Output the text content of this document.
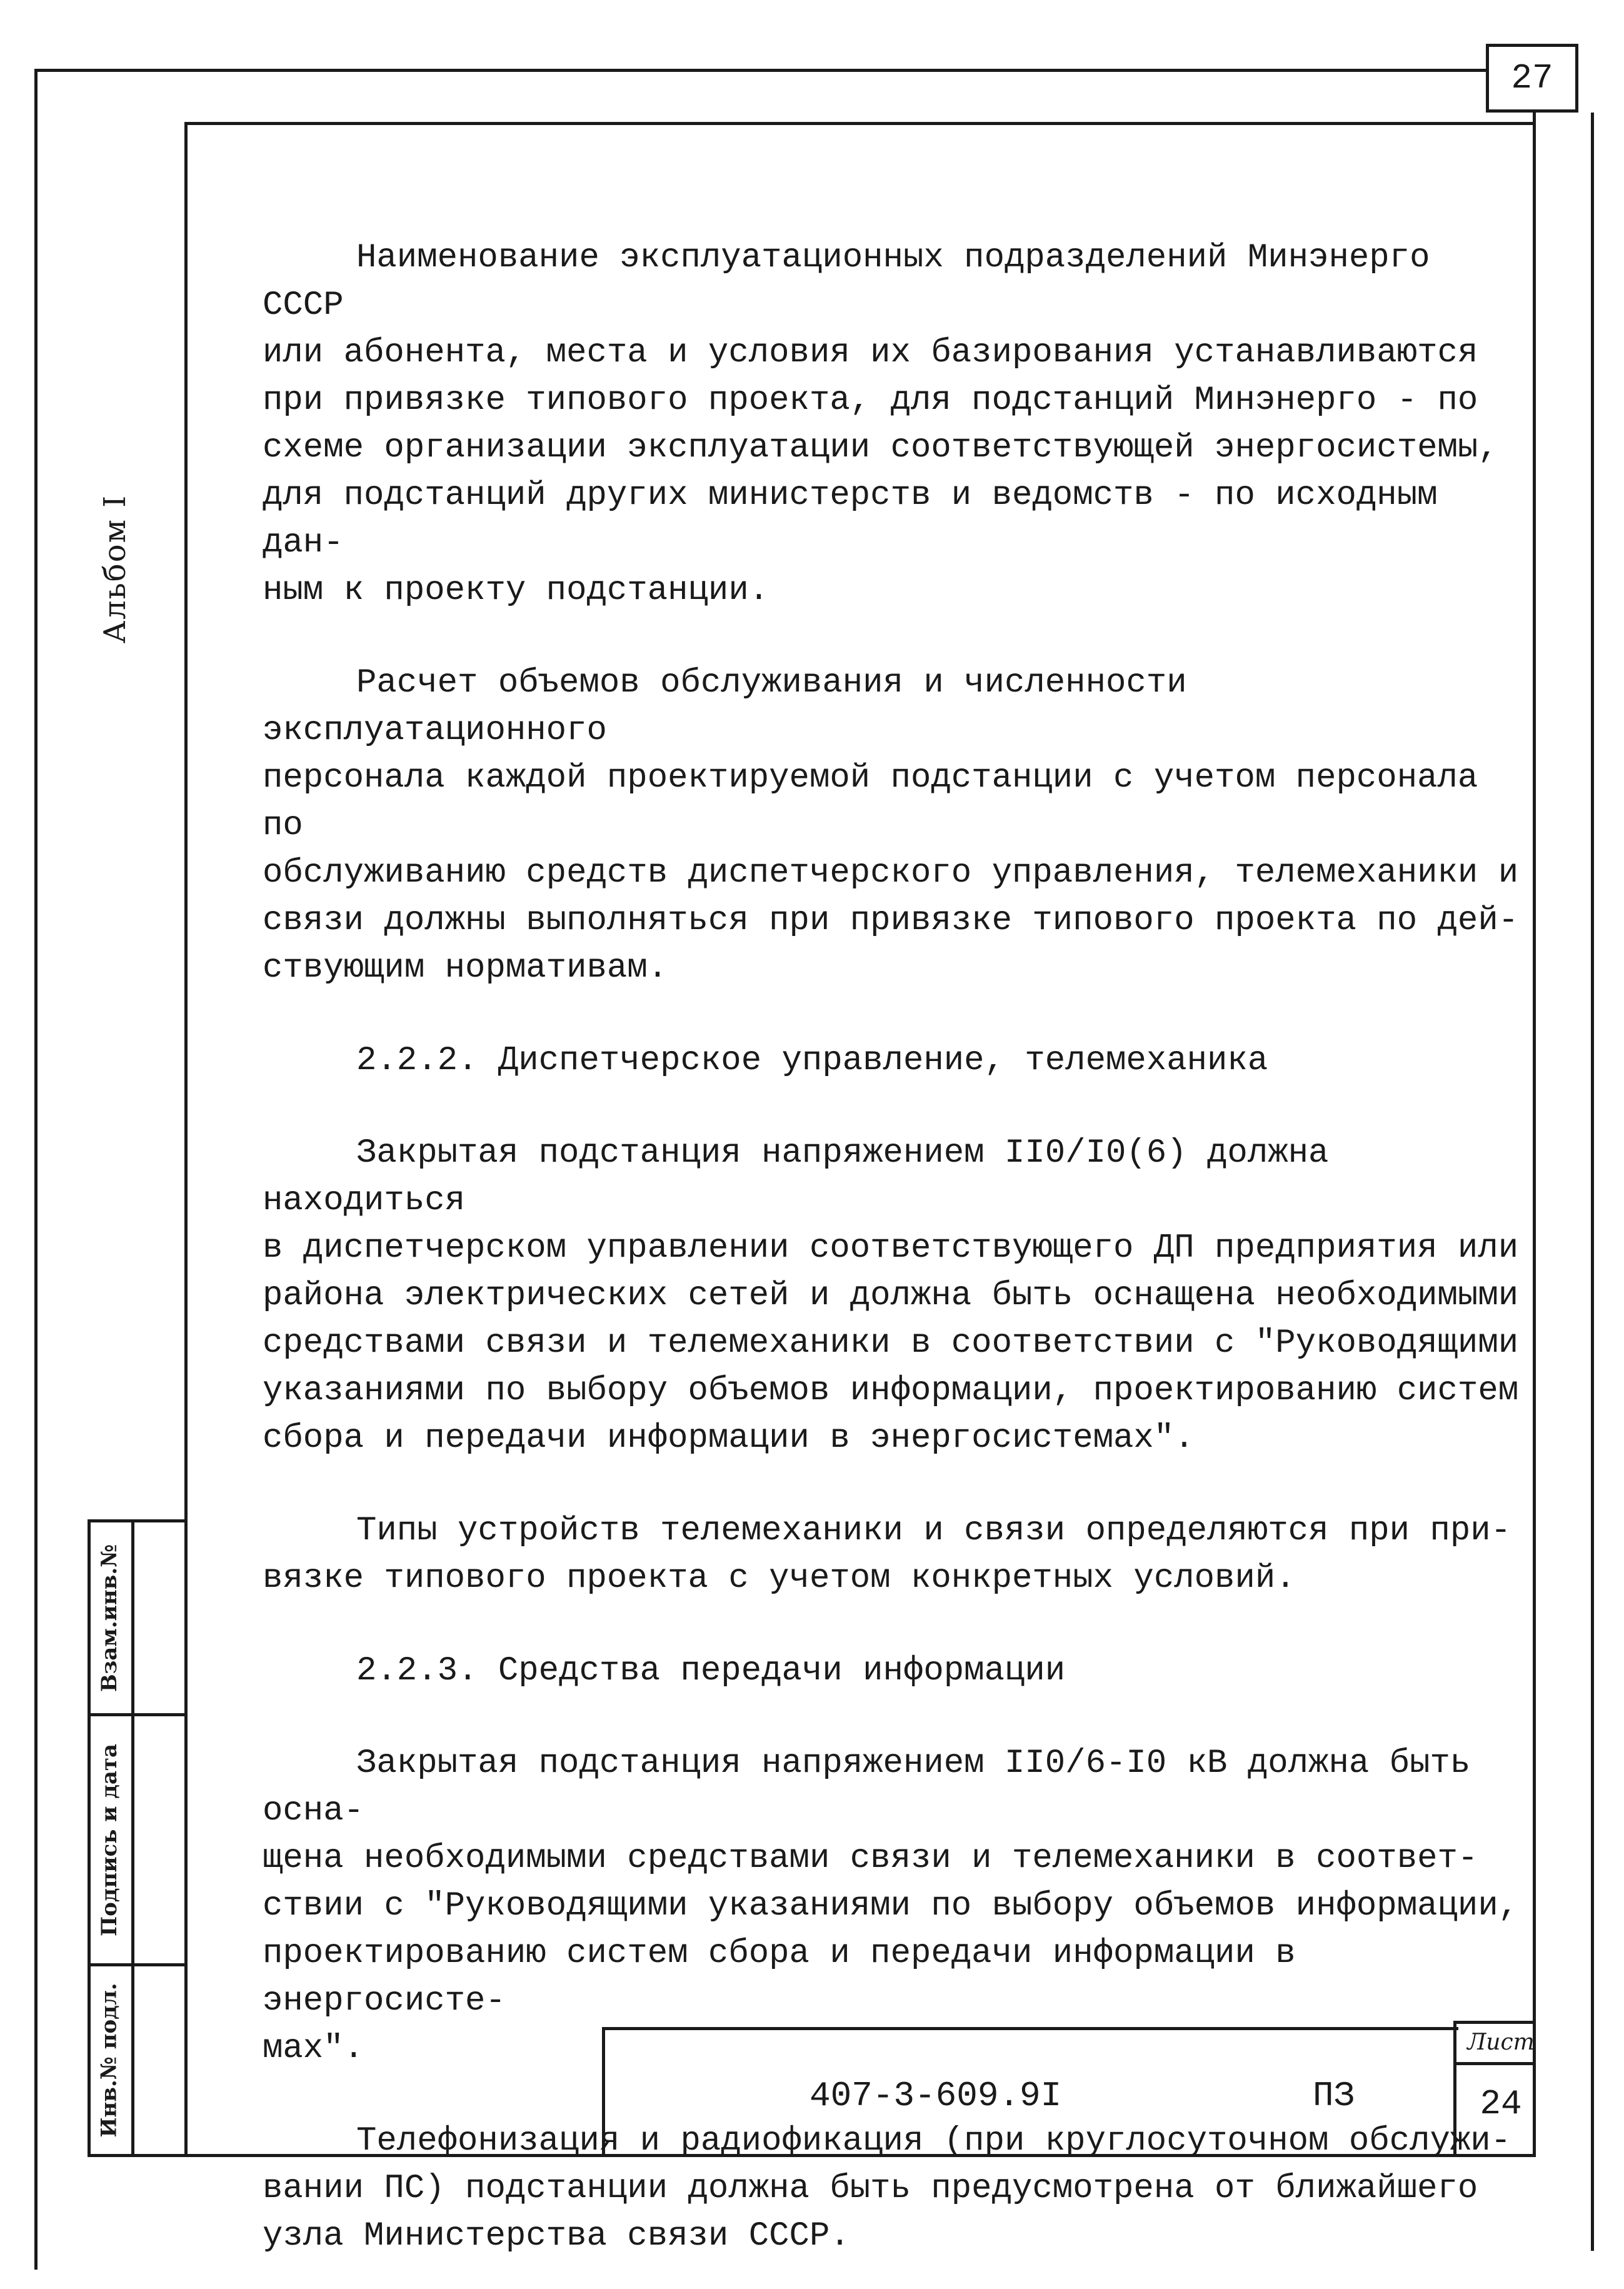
27
Альбом I
Взам.инв.№
Подпись и дата
Инв.№ подл.

Наименование эксплуатационных подразделений Минэнерго СССР
или абонента, места и условия их базирования устанавливаются
при привязке типового проекта, для подстанций Минэнерго - по
схеме организации эксплуатации соответствующей энергосистемы,
для подстанций других министерств и ведомств - по исходным дан-
ным к проекту подстанции.

Расчет объемов обслуживания и численности эксплуатационного
персонала каждой проектируемой подстанции с учетом персонала по
обслуживанию средств диспетчерского управления, телемеханики и
связи должны выполняться при привязке типового проекта по дей-
ствующим нормативам.

2.2.2. Диспетчерское управление, телемеханика

Закрытая подстанция напряжением II0/I0(6) должна находиться
в диспетчерском управлении соответствующего ДП предприятия или
района электрических сетей и должна быть оснащена необходимыми
средствами связи и телемеханики в соответствии с "Руководящими
указаниями по выбору объемов информации, проектированию систем
сбора и передачи информации в энергосистемах".

Типы устройств телемеханики и связи определяются при при-
вязке типового проекта с учетом конкретных условий.

2.2.3. Средства передачи информации

Закрытая подстанция напряжением II0/6-I0 кВ должна быть осна-
щена необходимыми средствами связи и телемеханики в соответ-
ствии с "Руководящими указаниями по выбору объемов информации,
проектированию систем сбора и передачи информации в энергосисте-
мах".

Телефонизация и радиофикация (при круглосуточном обслужи-
вании ПС) подстанции должна быть предусмотрена от ближайшего
узла Министерства связи СССР.

407-3-609.9I	ПЗ
Лист
24
